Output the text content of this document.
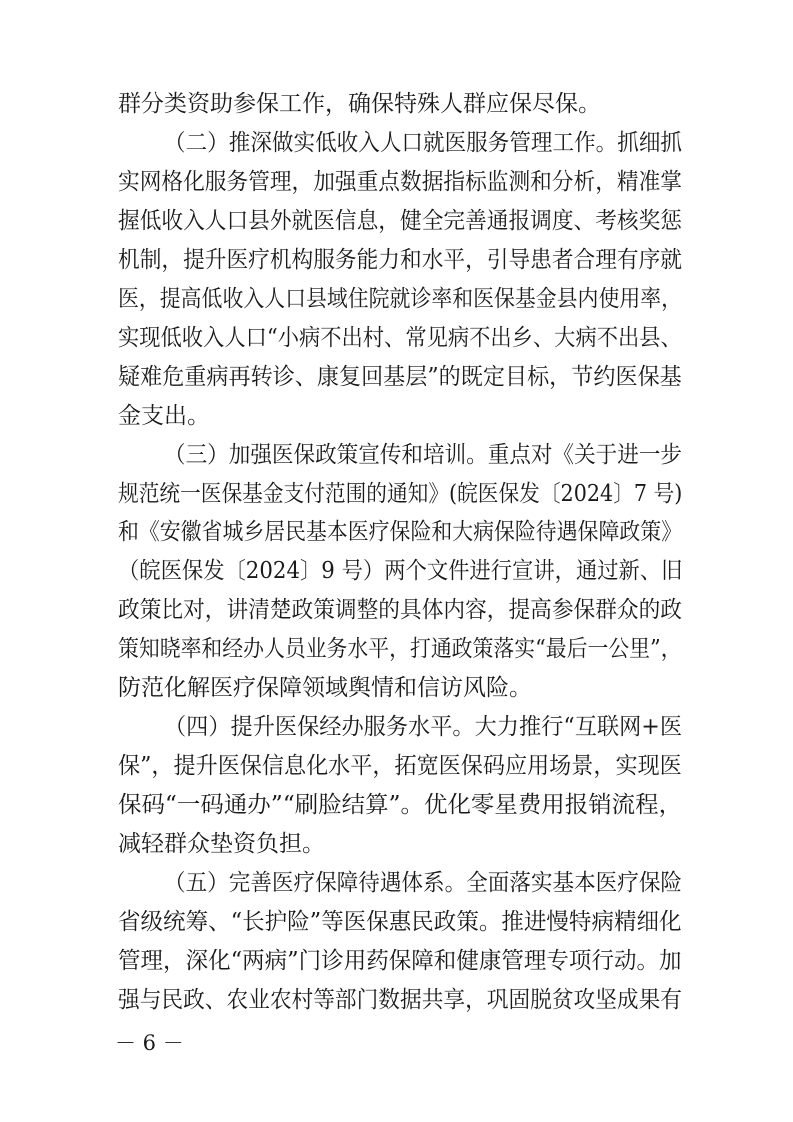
群分类资助参保工作，确保特殊人群应保尽保。
（二）推深做实低收入人口就医服务管理工作。抓细抓
实网格化服务管理，加强重点数据指标监测和分析，精准掌
握低收入人口县外就医信息，健全完善通报调度、考核奖惩
机制，提升医疗机构服务能力和水平，引导患者合理有序就
医，提高低收入人口县域住院就诊率和医保基金县内使用率，
实现低收入人口“小病不出村、常见病不出乡、大病不出县、
疑难危重病再转诊、康复回基层”的既定目标，节约医保基
金支出。
（三）加强医保政策宣传和培训。重点对《关于进一步
规范统一医保基金支付范围的通知》(皖医保发〔2024〕7 号)
和《安徽省城乡居民基本医疗保险和大病保险待遇保障政策》
（皖医保发〔2024〕9 号）两个文件进行宣讲，通过新、旧
政策比对，讲清楚政策调整的具体内容，提高参保群众的政
策知晓率和经办人员业务水平，打通政策落实“最后一公里”，
防范化解医疗保障领域舆情和信访风险。
（四）提升医保经办服务水平。大力推行“互联网+医
保”，提升医保信息化水平，拓宽医保码应用场景，实现医
保码“一码通办”“刷脸结算”。优化零星费用报销流程，
减轻群众垫资负担。
（五）完善医疗保障待遇体系。全面落实基本医疗保险
省级统筹、“长护险”等医保惠民政策。推进慢特病精细化
管理，深化“两病”门诊用药保障和健康管理专项行动。加
强与民政、农业农村等部门数据共享，巩固脱贫攻坚成果有
－ 6 －
